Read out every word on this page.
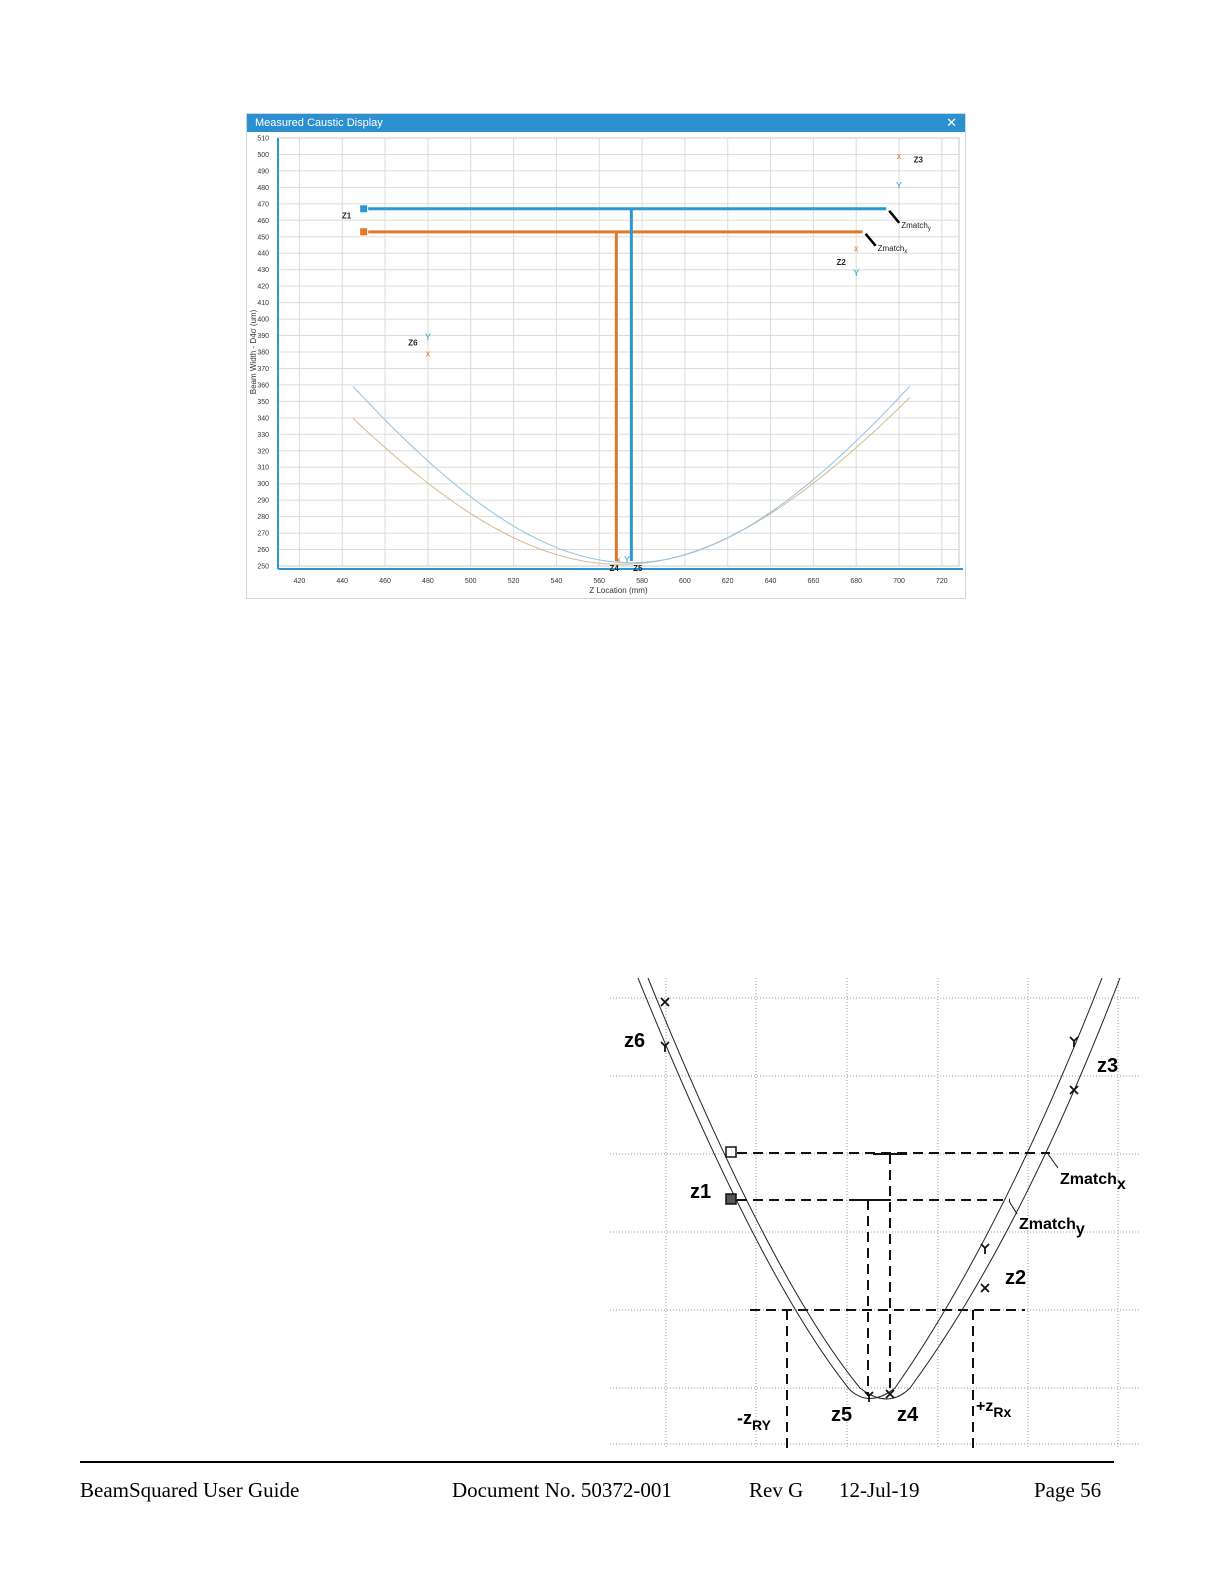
Measured Caustic Display	✕
420	440	460	480	500	520	540	560	580	600	620	640	660	680	700	720
250
260
270
280
290
300
310
320
330
340
350
360
370
380
390
400
410
420
430
440
450
460
470
480
490
500
510
Z Location (mm)
Beam Width - D4σ (um)
Zmatch$_x$
Zmatch$_y$
x
x
x
x
x
Y
Y
Y
Y
Y
Z1
Z6
Z4 Z5
Z2
Z3
z6
z3
z1
z2
z5 z4
Zmatchx
Zmatchy
-zRY
+zRx
BeamSquared User Guide	Document No. 50372-001	Rev G 12-Jul-19	Page 56
